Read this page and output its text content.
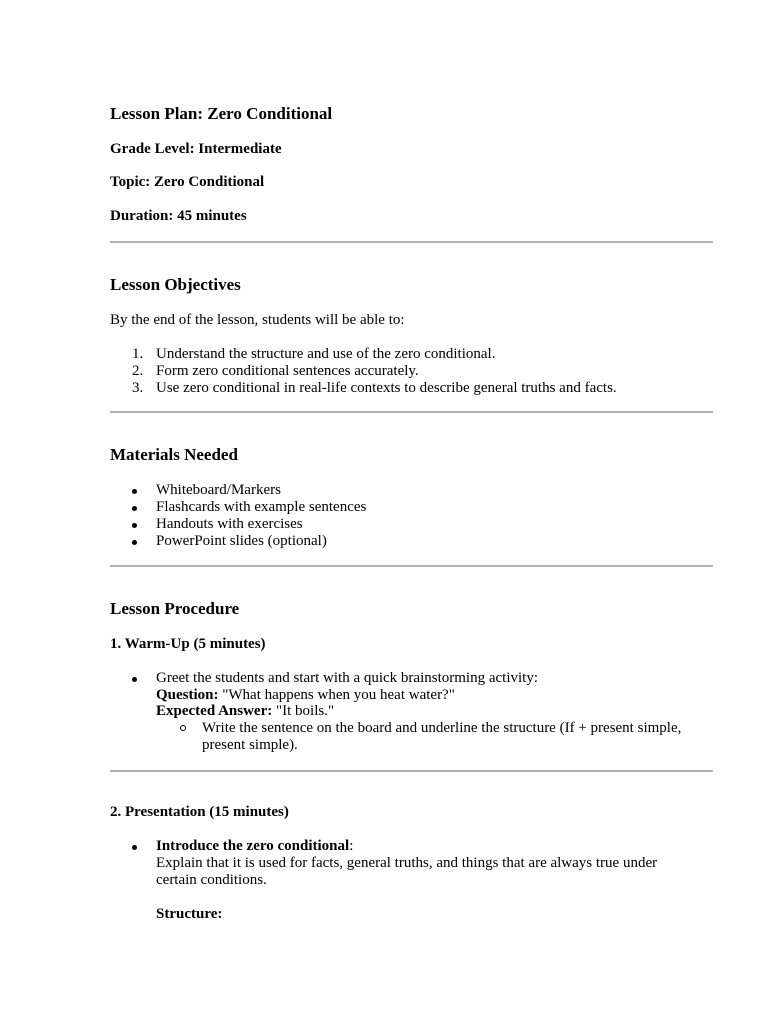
Lesson Plan: Zero Conditional
Grade Level: Intermediate
Topic: Zero Conditional
Duration: 45 minutes
Lesson Objectives
By the end of the lesson, students will be able to:
1. Understand the structure and use of the zero conditional.
2. Form zero conditional sentences accurately.
3. Use zero conditional in real-life contexts to describe general truths and facts.
Materials Needed
Whiteboard/Markers
Flashcards with example sentences
Handouts with exercises
PowerPoint slides (optional)
Lesson Procedure
1. Warm-Up (5 minutes)
Greet the students and start with a quick brainstorming activity:
Question: "What happens when you heat water?"
Expected Answer: "It boils."
Write the sentence on the board and underline the structure (If + present simple,
present simple).
2. Presentation (15 minutes)
Introduce the zero conditional:
Explain that it is used for facts, general truths, and things that are always true under
certain conditions.
Structure:
